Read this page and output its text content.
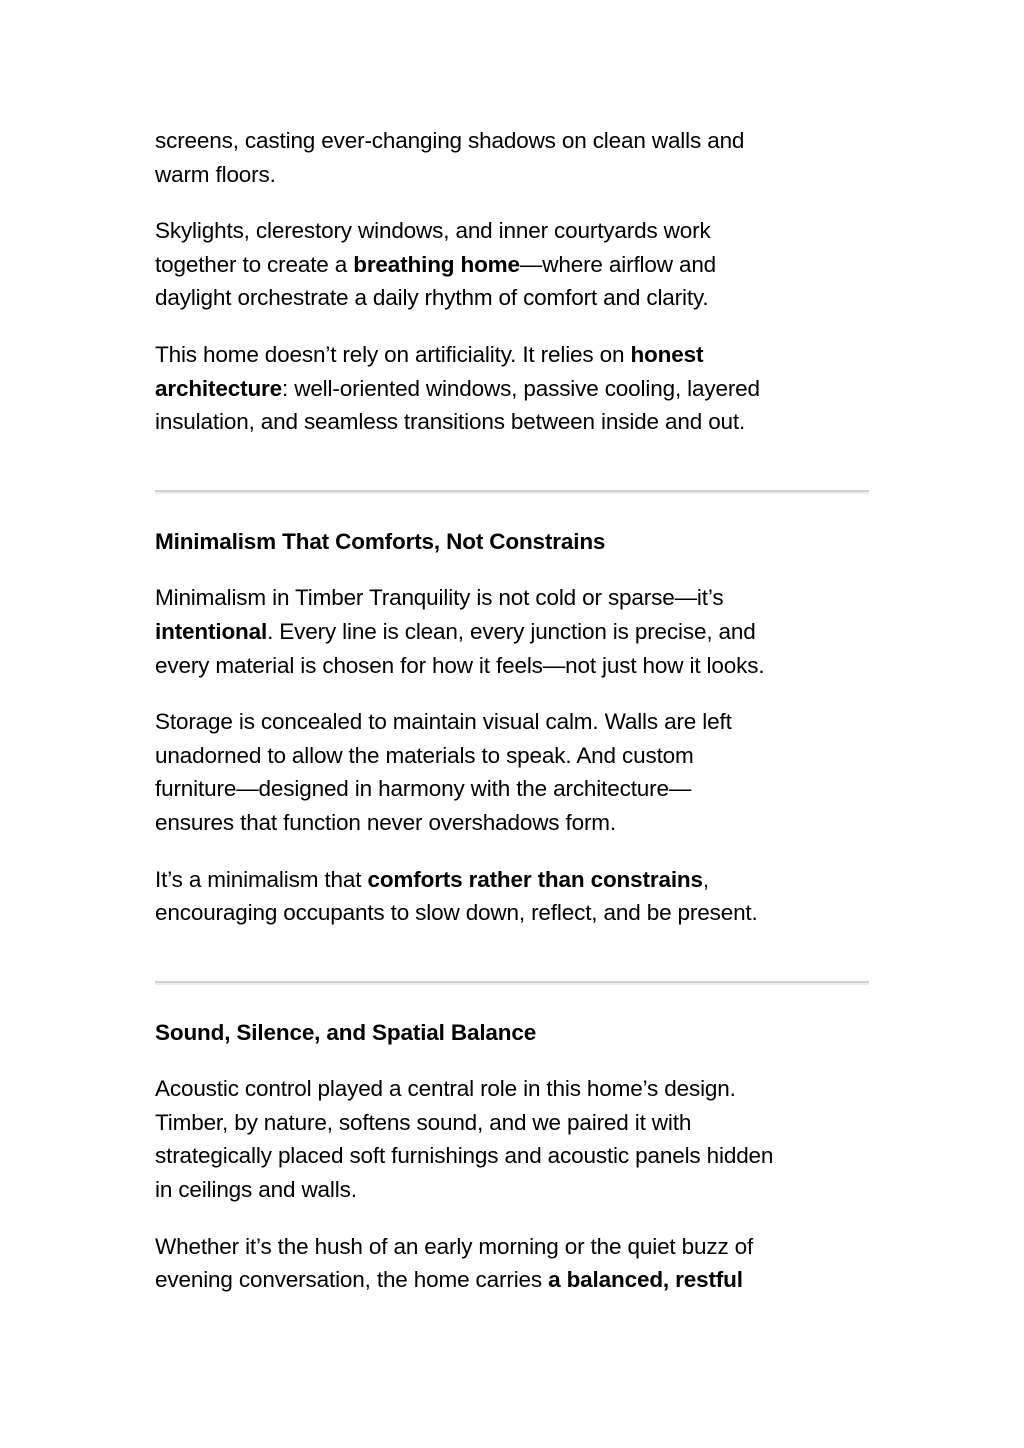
screens, casting ever-changing shadows on clean walls and
warm floors.

Skylights, clerestory windows, and inner courtyards work
together to create a breathing home—where airflow and
daylight orchestrate a daily rhythm of comfort and clarity.

This home doesn’t rely on artificiality. It relies on honest
architecture: well-oriented windows, passive cooling, layered
insulation, and seamless transitions between inside and out.

Minimalism That Comforts, Not Constrains

Minimalism in Timber Tranquility is not cold or sparse—it’s
intentional. Every line is clean, every junction is precise, and
every material is chosen for how it feels—not just how it looks.

Storage is concealed to maintain visual calm. Walls are left
unadorned to allow the materials to speak. And custom
furniture—designed in harmony with the architecture—
ensures that function never overshadows form.

It’s a minimalism that comforts rather than constrains,
encouraging occupants to slow down, reflect, and be present.

Sound, Silence, and Spatial Balance

Acoustic control played a central role in this home’s design.
Timber, by nature, softens sound, and we paired it with
strategically placed soft furnishings and acoustic panels hidden
in ceilings and walls.

Whether it’s the hush of an early morning or the quiet buzz of
evening conversation, the home carries a balanced, restful
